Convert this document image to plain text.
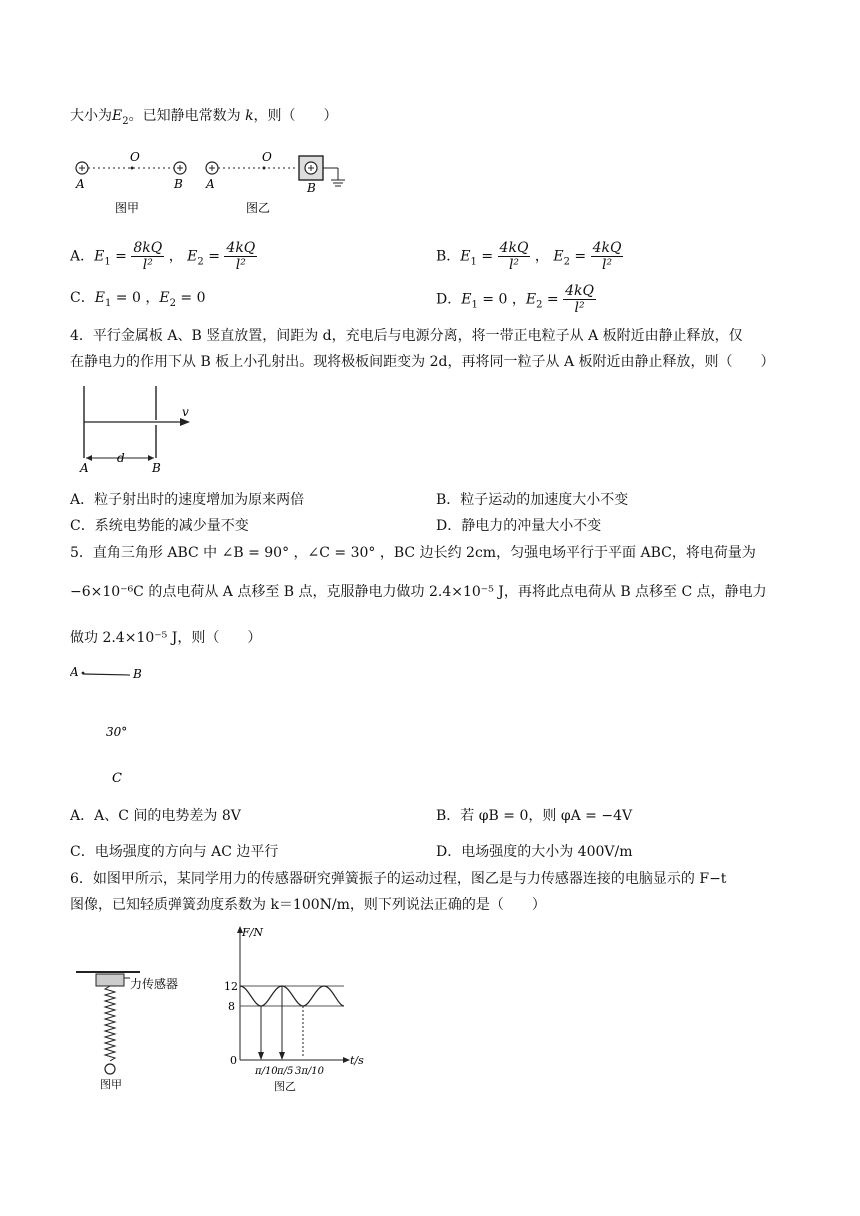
大小为$E_2$。已知静电常数为 k，则（　　）
A
O
B
图甲
A
O
B
图乙
A．$E_1 = \frac{8kQ}{\text{l²}}$ ， $E_2 = \frac{4kQ}{\text{l²}}$	B．$E_1 = \frac{4kQ}{\text{l²}}$ ， $E_2 = \frac{4kQ}{\text{l²}}$
C．$E_1 = 0$ ，$E_2 = 0$	D．$E_1 = 0$ ，$E_2 = \frac{4kQ}{\text{l²}}$
4．平行金属板 A、B 竖直放置，间距为 d，充电后与电源分离，将一带正电粒子从 A 板附近由静止释放，仅
在静电力的作用下从 B 板上小孔射出。现将极板间距变为 2d，再将同一粒子从 A 板附近由静止释放，则（　　）
v
A
d
B
A．粒子射出时的速度增加为原来两倍	B．粒子运动的加速度大小不变
C．系统电势能的减少量不变	D．静电力的冲量大小不变
5．直角三角形 ABC 中 ∠B = 90° ，∠C = 30° ，BC 边长约 2cm，匀强电场平行于平面 ABC，将电荷量为
−6×10⁻⁶C 的点电荷从 A 点移至 B 点，克服静电力做功 2.4×10⁻⁵ J，再将此点电荷从 B 点移至 C 点，静电力
做功 2.4×10⁻⁵ J，则（　　）
A	B
30°
C
A．A、C 间的电势差为 8V	B．若 φB = 0，则 φA = −4V
C．电场强度的方向与 AC 边平行	D．电场强度的大小为 400V/m
6．如图甲所示，某同学用力的传感器研究弹簧振子的运动过程，图乙是与力传感器连接的电脑显示的 F−t
图像，已知轻质弹簧劲度系数为 k＝100N/m，则下列说法正确的是（　　）
力传感器
图甲
F/N
t/s
12
8
0
π/10 π/5 3π/10
图乙
